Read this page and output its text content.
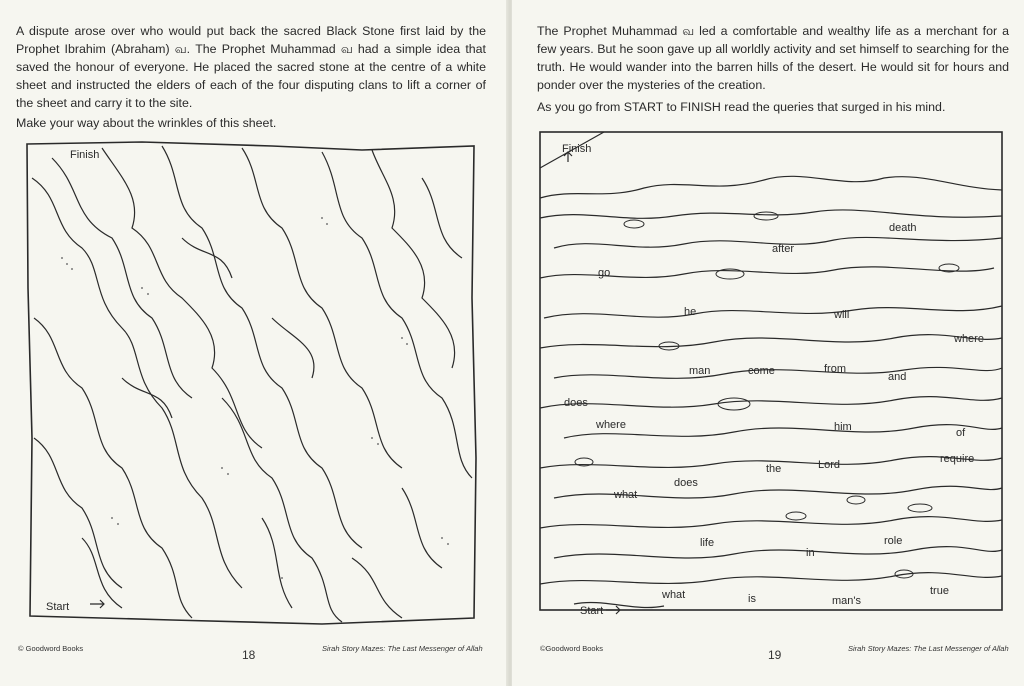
A dispute arose over who would put back the sacred Black Stone first laid by the Prophet Ibrahim (Abraham) வ. The Prophet Muhammad வ had a simple idea that saved the honour of everyone. He placed the sacred stone at the centre of a white sheet and instructed the elders of each of the four disputing clans to lift a corner of the sheet and carry it to the site.

Make your way about the wrinkles of this sheet.

Finish
Start
© Goodword Books	18	Sirah Story Mazes: The Last Messenger of Allah

The Prophet Muhammad வ led a comfortable and wealthy life as a merchant for a few years. But he soon gave up all worldly activity and set himself to searching for the truth. He would wander into the barren hills of the desert. He would sit for hours and ponder over the mysteries of the creation.

As you go from START to FINISH read the queries that surged in his mind.

Finish
Start
death
after
go
he	will
where
man	come	from
and
does
where	him	of
require
the	Lord
does
what
life
in
role
what	is	man's
true
©Goodword Books	19	Sirah Story Mazes: The Last Messenger of Allah
